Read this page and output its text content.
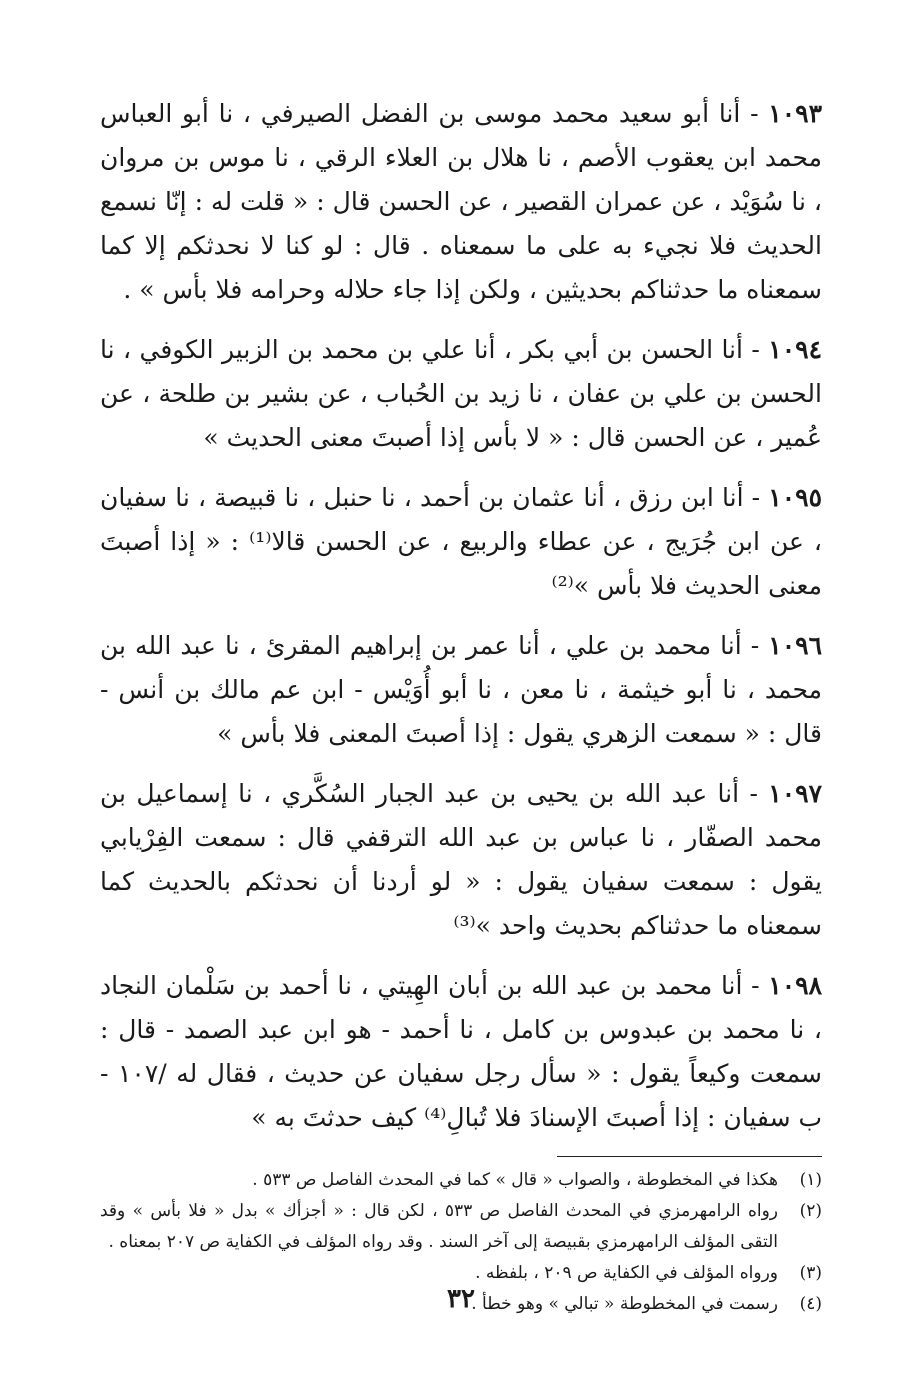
١٠٩٣ - أنا أبو سعيد محمد موسى بن الفضل الصيرفي ، نا أبو العباس محمد ابن يعقوب الأصم ، نا هلال بن العلاء الرقي ، نا موس بن مروان ، نا سُوَيْد ، عن عمران القصير ، عن الحسن قال : « قلت له : إنّا نسمع الحديث فلا نجيء به على ما سمعناه . قال : لو كنا لا نحدثكم إلا كما سمعناه ما حدثناكم بحديثين ، ولكن إذا جاء حلاله وحرامه فلا بأس » .

١٠٩٤ - أنا الحسن بن أبي بكر ، أنا علي بن محمد بن الزبير الكوفي ، نا الحسن بن علي بن عفان ، نا زيد بن الحُباب ، عن بشير بن طلحة ، عن عُمير ، عن الحسن قال : « لا بأس إذا أصبتَ معنى الحديث »

١٠٩٥ - أنا ابن رزق ، أنا عثمان بن أحمد ، نا حنبل ، نا قبيصة ، نا سفيان ، عن ابن جُرَيج ، عن عطاء والربيع ، عن الحسن قالا⁽¹⁾ : « إذا أصبتَ معنى الحديث فلا بأس »⁽²⁾

١٠٩٦ - أنا محمد بن علي ، أنا عمر بن إبراهيم المقرئ ، نا عبد الله بن محمد ، نا أبو خيثمة ، نا معن ، نا أبو أُوَيْس - ابن عم مالك بن أنس - قال : « سمعت الزهري يقول : إذا أصبتَ المعنى فلا بأس »

١٠٩٧ - أنا عبد الله بن يحيى بن عبد الجبار السُكَّري ، نا إسماعيل بن محمد الصفّار ، نا عباس بن عبد الله الترقفي قال : سمعت الفِرْيابي يقول : سمعت سفيان يقول : « لو أردنا أن نحدثكم بالحديث كما سمعناه ما حدثناكم بحديث واحد »⁽³⁾

١٠٩٨ - أنا محمد بن عبد الله بن أبان الهِيتي ، نا أحمد بن سَلْمان النجاد ، نا محمد بن عبدوس بن كامل ، نا أحمد - هو ابن عبد الصمد - قال : سمعت وكيعاً يقول : « سأل رجل سفيان عن حديث ، فقال له /١٠٧ - ب سفيان : إذا أصبتَ الإسنادَ فلا تُبالِ⁽⁴⁾ كيف حدثتَ به »

(١)
هكذا في المخطوطة ، والصواب « قال » كما في المحدث الفاصل ص ٥٣٣ .
(٢)
رواه الرامهرمزي في المحدث الفاصل ص ٥٣٣ ، لكن قال : « أجزأك » بدل « فلا بأس » وقد التقى المؤلف الرامهرمزي بقبيصة إلى آخر السند . وقد رواه المؤلف في الكفاية ص ٢٠٧ بمعناه .
(٣)
ورواه المؤلف في الكفاية ص ٢٠٩ ، بلفظه .
(٤)
رسمت في المخطوطة « تبالي » وهو خطأ .
٣٢
